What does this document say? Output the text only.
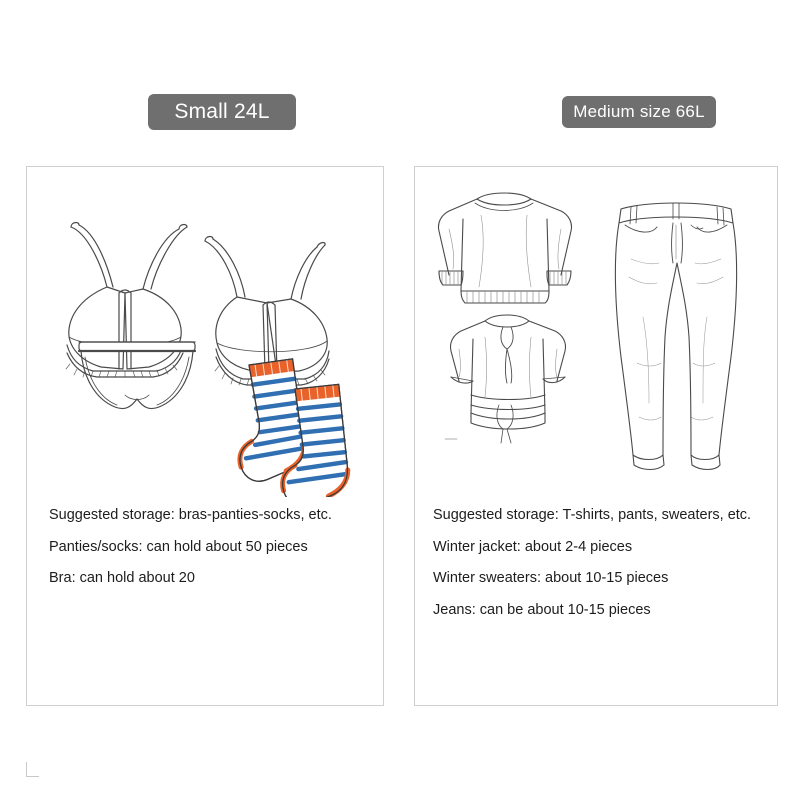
Small 24L	Medium size 66L
Suggested storage: bras-panties-socks, etc.
Panties/socks: can hold about 50 pieces
Bra: can hold about 20
Suggested storage: T-shirts, pants, sweaters, etc.
Winter jacket: about 2-4 pieces
Winter sweaters: about 10-15 pieces
Jeans: can be about 10-15 pieces
